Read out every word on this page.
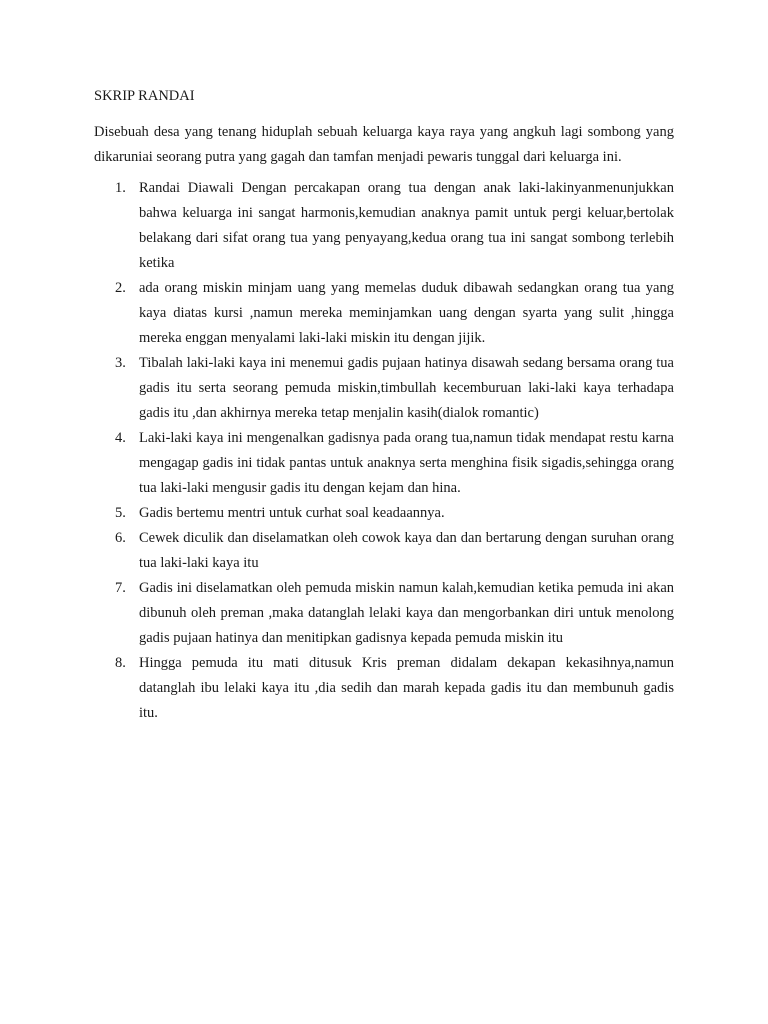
SKRIP RANDAI

Disebuah desa yang tenang hiduplah sebuah keluarga kaya raya yang angkuh lagi sombong yang dikaruniai seorang putra yang gagah dan tamfan menjadi pewaris tunggal dari keluarga ini.

1. Randai Diawali Dengan percakapan orang tua dengan anak laki-lakinyanmenunjukkan bahwa keluarga ini sangat harmonis,kemudian anaknya pamit untuk pergi keluar,bertolak belakang dari sifat orang tua yang penyayang,kedua orang tua ini sangat sombong terlebih ketika
2. ada orang miskin minjam uang yang memelas duduk dibawah sedangkan orang tua yang kaya diatas kursi ,namun mereka meminjamkan uang dengan syarta yang sulit ,hingga mereka enggan menyalami laki-laki miskin itu dengan jijik.
3. Tibalah laki-laki kaya ini menemui gadis pujaan hatinya disawah sedang bersama orang tua gadis itu serta seorang pemuda miskin,timbullah kecemburuan laki-laki kaya terhadapa gadis itu ,dan akhirnya mereka tetap menjalin kasih(dialok romantic)
4. Laki-laki kaya ini mengenalkan gadisnya pada orang tua,namun tidak mendapat restu karna mengagap gadis ini tidak pantas untuk anaknya serta menghina fisik sigadis,sehingga orang tua laki-laki mengusir gadis itu dengan kejam dan hina.
5. Gadis bertemu mentri untuk curhat soal keadaannya.
6. Cewek diculik dan diselamatkan oleh cowok kaya dan dan bertarung dengan suruhan orang tua laki-laki kaya itu
7. Gadis ini diselamatkan oleh pemuda miskin namun kalah,kemudian ketika pemuda ini akan dibunuh oleh preman ,maka datanglah lelaki kaya dan mengorbankan diri untuk menolong gadis pujaan hatinya dan menitipkan gadisnya kepada pemuda miskin itu
8. Hingga pemuda itu mati ditusuk Kris preman didalam dekapan kekasihnya,namun datanglah ibu lelaki kaya itu ,dia sedih dan marah kepada gadis itu dan membunuh gadis itu.
